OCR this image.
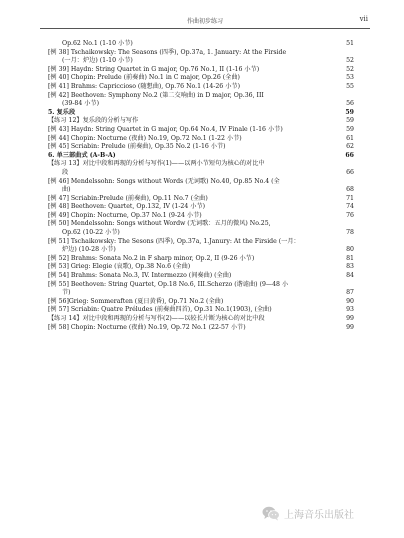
作曲初步练习	vii
Op.62 No.1 (1-10 小节)	51
[例 38] Tschaikowsky: The Seasons (四季), Op.37a, 1. January: At the Firside
(一月：炉边) (1-10 小节)	52
[例 39] Haydn: String Quartet in G major, Op.76 No.1, II (1-16 小节)	52
[例 40] Chopin: Prelude (前奏曲) No.1 in C major, Op.26 (全曲)	53
[例 41] Brahms: Capriccioso (随想曲), Op.76 No.1 (14-26 小节)	55
[例 42] Beethoven: Symphony No.2 (第二交响曲) in D major, Op.36, III
(39-84 小节)	56
5. 复乐段	59
【练习 12】复乐段的分析与写作	59
[例 43] Haydn: String Quartet in G major, Op.64 No.4, IV Finale (1-16 小节)	59
[例 44] Chopin: Nocturne (夜曲) No.19, Op.72 No.1 (1-22 小节)	61
[例 45] Scriabin: Prelude (前奏曲), Op.35 No.2 (1-16 小节)	62
6. 单三部曲式 (A-B-A)	66
【练习 13】对比中段和再现的分析与写作(1)——以两小节短句为核心的对比中
段	66
[例 46] Mendelssohn: Songs without Words (无词歌) No.40, Op.85 No.4 (全
曲)	68
[例 47] Scriabin:Prelude (前奏曲), Op.11 No.7 (全曲)	71
[例 48] Beethoven: Quartet, Op.132, IV (1-24 小节)	74
[例 49] Chopin: Nocturne, Op.37 No.1 (9-24 小节)	76
[例 50] Mendelssohn: Songs without Wordw (无词歌：五月的微风) No.25,
Op.62 (10-22 小节)	78
[例 51] Tschaikowsky: The Sesons (四季), Op.37a, 1.Janury: At the Firside (一月：
炉边) (10-28 小节)	80
[例 52] Brahms: Sonata No.2 in F sharp minor, Op.2, II (9-26 小节)	81
[例 53] Grieg: Elegie (哀歌), Op.38 No.6 (全曲)	83
[例 54] Brahms: Sonata No.3, IV. Intermezzo (间奏曲) (全曲)	84
[例 55] Beethoven: String Quartet, Op.18 No.6, III.Scherzo (谐谑曲) (9—48 小
节)	87
[例 56]Grieg: Sommeraften (夏日黄昏), Op.71 No.2 (全曲)	90
[例 57] Scriabin: Quatre Préludes (前奏曲四首), Op.31 No.1(1903), (全曲)	93
【练习 14】对比中段和再现的分析与写作(2)——以较长片断为核心的对比中段	99
[例 58] Chopin: Nocturne (夜曲) No.19, Op.72 No.1 (22-57 小节)	99
上海音乐出版社
